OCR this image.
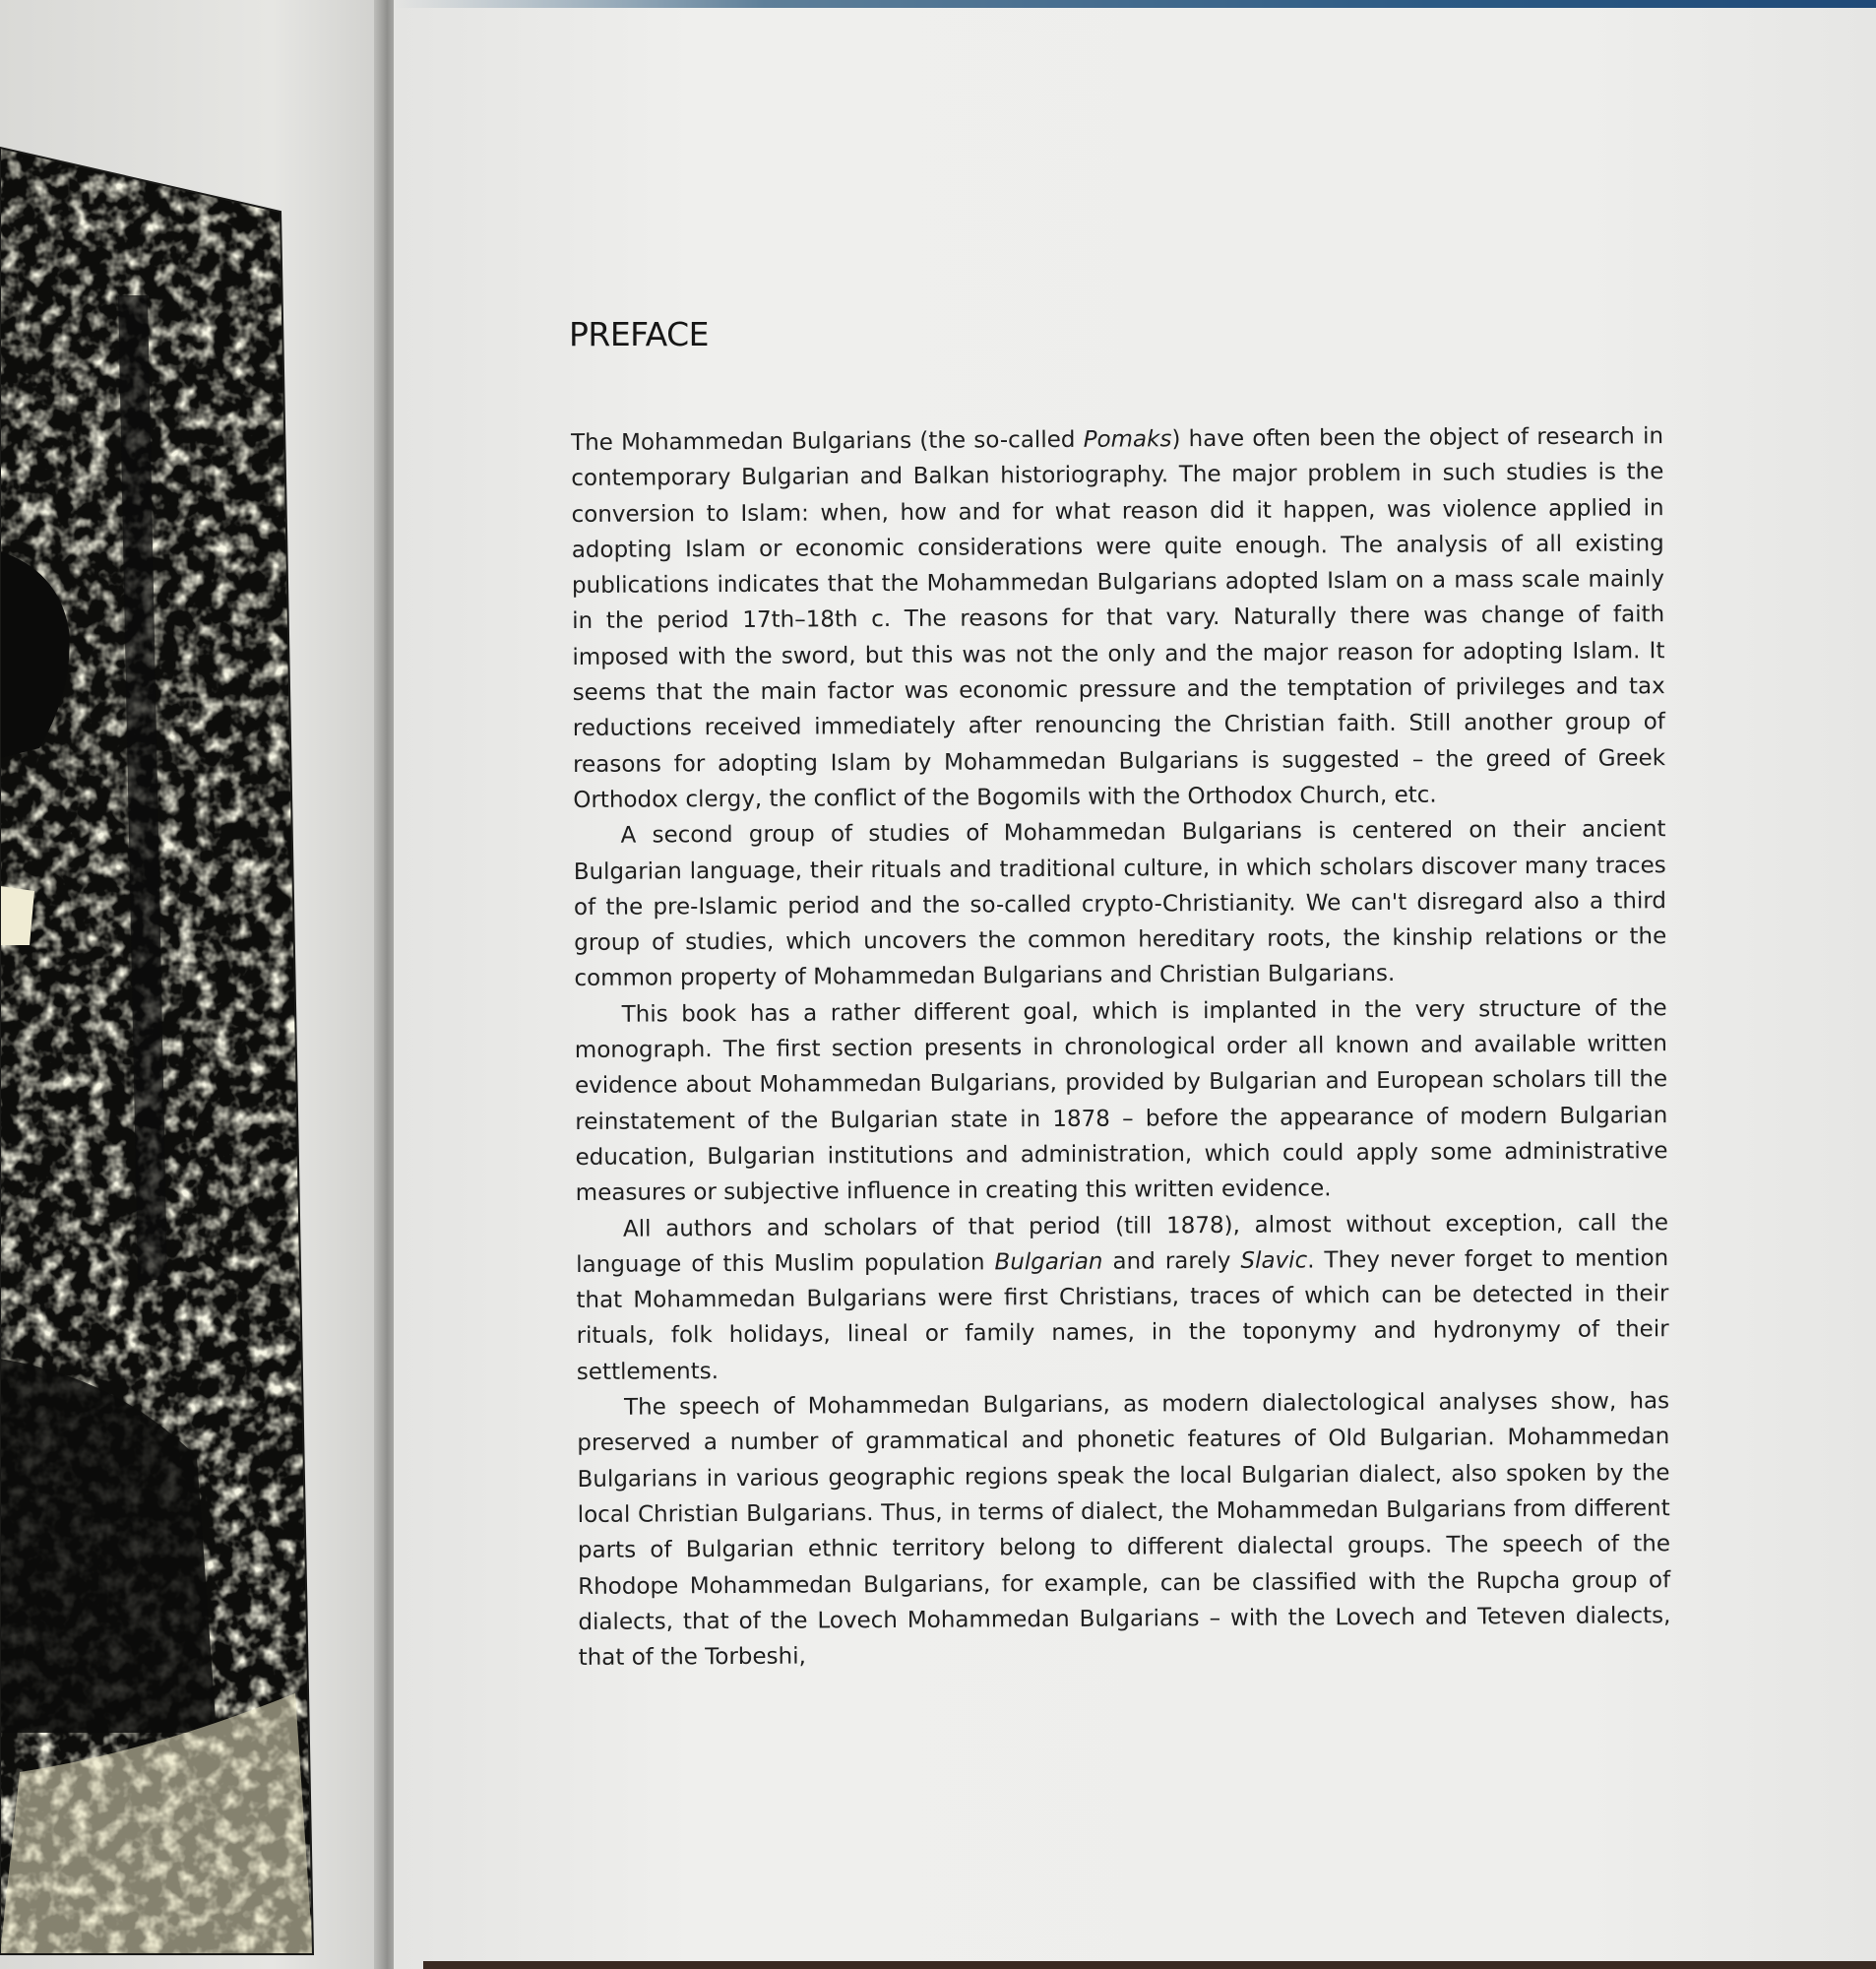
PREFACE

The Mohammedan Bulgarians (the so-called Pomaks) have often been the object of research in contemporary Bulgarian and Balkan historiography. The major problem in such studies is the conversion to Islam: when, how and for what reason did it happen, was violence applied in adopting Islam or economic considerations were quite enough. The analysis of all existing publications indicates that the Mohammedan Bulgarians adopted Islam on a mass scale mainly in the period 17th–18th c. The reasons for that vary. Naturally there was change of faith imposed with the sword, but this was not the only and the major reason for adopting Islam. It seems that the main factor was economic pressure and the temptation of privileges and tax reductions received immediately after renouncing the Christian faith. Still another group of reasons for adopting Islam by Mohammedan Bulgarians is suggested – the greed of Greek Orthodox clergy, the conflict of the Bogomils with the Orthodox Church, etc.

A second group of studies of Mohammedan Bulgarians is centered on their ancient Bulgarian language, their rituals and traditional culture, in which scholars discover many traces of the pre-Islamic period and the so-called crypto-Christianity. We can't disregard also a third group of studies, which uncovers the common hereditary roots, the kinship relations or the common property of Mohammedan Bulgarians and Christian Bulgarians.

This book has a rather different goal, which is implanted in the very structure of the monograph. The first section presents in chronological order all known and available written evidence about Mohammedan Bulgarians, provided by Bulgarian and European scholars till the reinstatement of the Bulgarian state in 1878 – before the appearance of modern Bulgarian education, Bulgarian institutions and administration, which could apply some administrative measures or subjective influence in creating this written evidence.

All authors and scholars of that period (till 1878), almost without exception, call the language of this Muslim population Bulgarian and rarely Slavic. They never forget to mention that Mohammedan Bulgarians were first Christians, traces of which can be detected in their rituals, folk holidays, lineal or family names, in the toponymy and hydronymy of their settlements.

The speech of Mohammedan Bulgarians, as modern dialectological analyses show, has preserved a number of grammatical and phonetic features of Old Bulgarian. Mohammedan Bulgarians in various geographic regions speak the local Bulgarian dialect, also spoken by the local Christian Bulgarians. Thus, in terms of dialect, the Mohammedan Bulgarians from different parts of Bulgarian ethnic territory belong to different dialectal groups. The speech of the Rhodope Mohammedan Bulgarians, for example, can be classified with the Rupcha group of dialects, that of the Lovech Mohammedan Bulgarians – with the Lovech and Teteven dialects, that of the Torbeshi,
